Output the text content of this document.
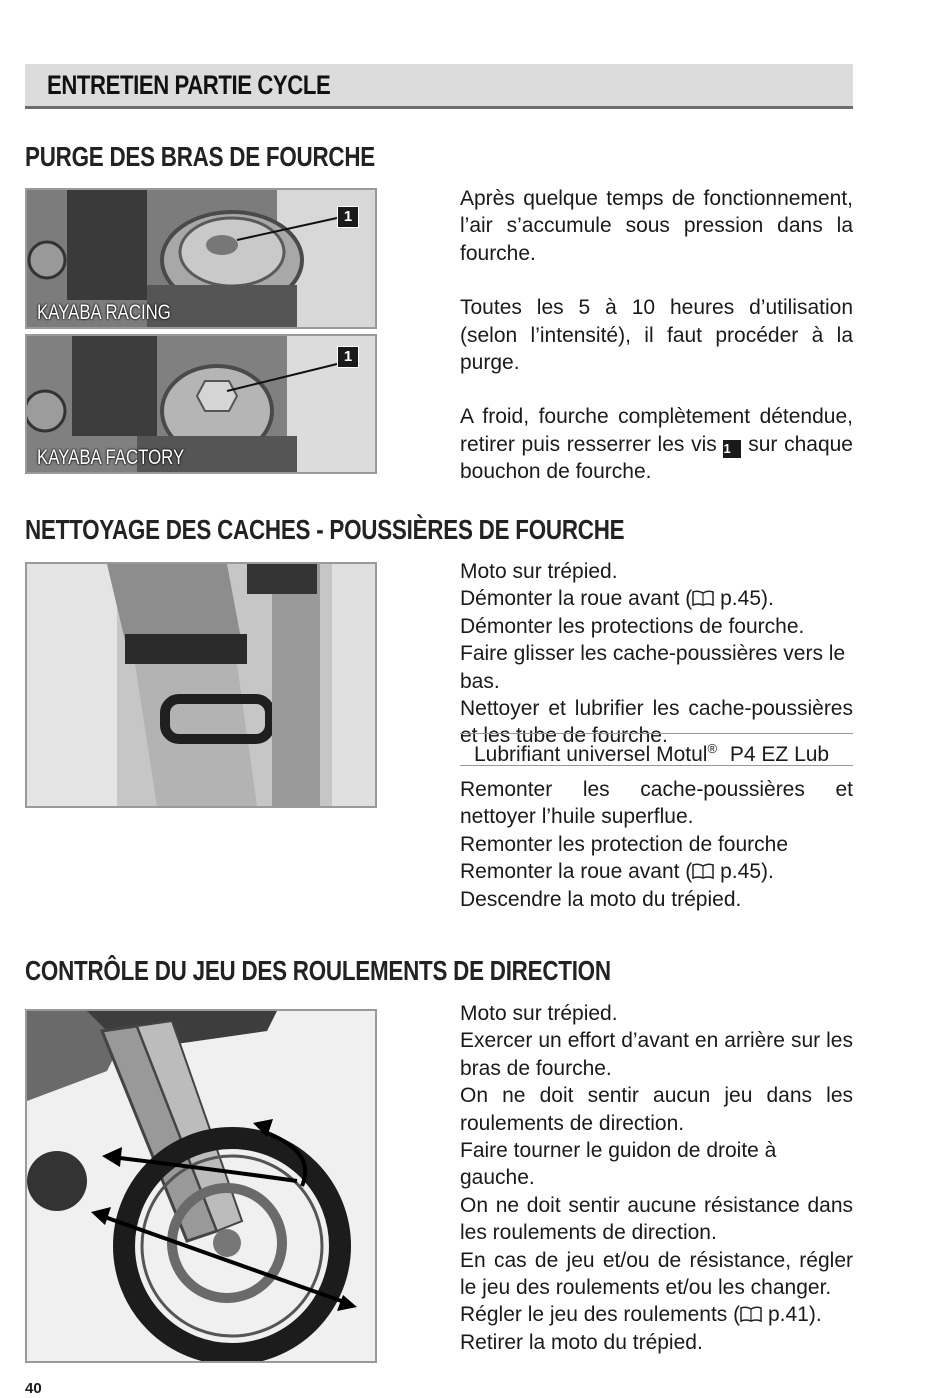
ENTRETIEN PARTIE CYCLE
PURGE DES BRAS DE FOURCHE
1
KAYABA RACING
1
KAYABA FACTORY

Après quelque temps de fonctionnement, l’air s’accumule sous pression dans la fourche.

Toutes les 5 à 10 heures d’utilisation (selon l’intensité), il faut procéder à la purge.

A froid, fourche complètement détendue, retirer puis resserrer les vis 1 sur chaque bouchon de fourche.

NETTOYAGE DES CACHES - POUSSIÈRES DE FOURCHE

Moto sur trépied.

Démonter la roue avant ( p.45).

Démonter les protections de fourche.

Faire glisser les cache-poussières vers le bas.

Nettoyer et lubrifier les cache-poussières et les tube de fourche.

Lubrifiant universel Motul® P4 EZ Lub

Remonter les cache-poussières et nettoyer l’huile superflue.

Remonter les protection de fourche

Remonter la roue avant ( p.45).

Descendre la moto du trépied.

CONTRÔLE DU JEU DES ROULEMENTS DE DIRECTION

Moto sur trépied.

Exercer un effort d’avant en arrière sur les bras de fourche.

On ne doit sentir aucun jeu dans les roulements de direction.

Faire tourner le guidon de droite à gauche.

On ne doit sentir aucune résistance dans les roulements de direction.

En cas de jeu et/ou de résistance, régler le jeu des roulements et/ou les changer.

Régler le jeu des roulements ( p.41).

Retirer la moto du trépied.

40
